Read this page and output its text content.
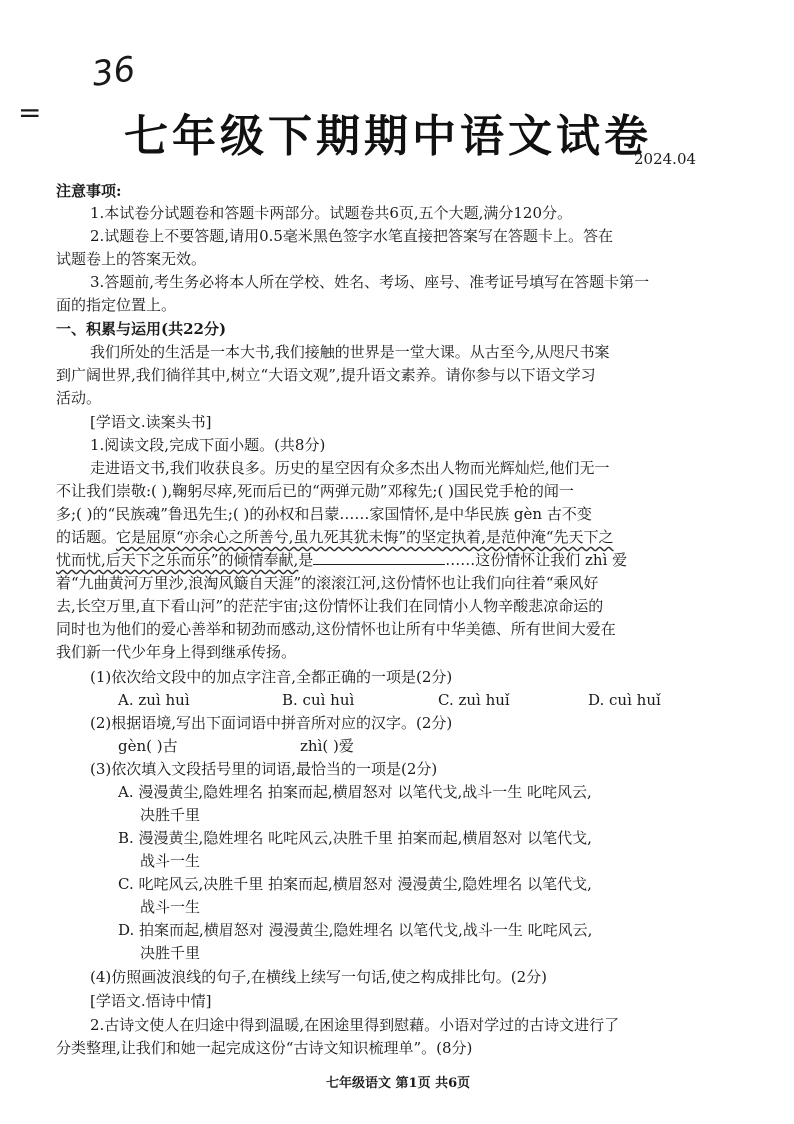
36
= 七年级下期期中语文试卷
2024.04
注意事项:
1.本试卷分试题卷和答题卡两部分。试题卷共6页,五个大题,满分120分。
2.试题卷上不要答题,请用0.5毫米黑色签字水笔直接把答案写在答题卡上。答在
试题卷上的答案无效。
3.答题前,考生务必将本人所在学校、姓名、考场、座号、准考证号填写在答题卡第一
面的指定位置上。
一、积累与运用(共22分)
我们所处的生活是一本大书,我们接触的世界是一堂大课。从古至今,从咫尺书案
到广阔世界,我们徜徉其中,树立“大语文观”,提升语文素养。请你参与以下语文学习
活动。
[学语文.读案头书]
1.阅读文段,完成下面小题。(共8分)
走进语文书,我们收获良多。历史的星空因有众多杰出人物而光辉灿烂,他们无一
不让我们崇敬:( ),鞠躬尽瘁,死而后已的“两弹元勋”邓稼先;( )国民党手枪的闻一
多;( )的“民族魂”鲁迅先生;( )的孙权和吕蒙……家国情怀,是中华民族 gèn 古不变
的话题。它是屈原“亦余心之所善兮,虽九死其犹未悔”的坚定执着,是范仲淹“先天下之
忧而忧,后天下之乐而乐”的倾情奉献,是	……这份情怀让我们 zhì 爱
着“九曲黄河万里沙,浪淘风簸自天涯”的滚滚江河,这份情怀也让我们向往着“乘风好
去,长空万里,直下看山河”的茫茫宇宙;这份情怀让我们在同情小人物辛酸悲凉命运的
同时也为他们的爱心善举和韧劲而感动,这份情怀也让所有中华美德、所有世间大爱在
我们新一代少年身上得到继承传扬。
(1)依次给文段中的加点字注音,全都正确的一项是(2分)
A. zuì huì	B. cuì huì	C. zuì huǐ	D. cuì huǐ
(2)根据语境,写出下面词语中拼音所对应的汉字。(2分)
gèn( )古	zhì( )爱
(3)依次填入文段括号里的词语,最恰当的一项是(2分)
A. 漫漫黄尘,隐姓埋名 拍案而起,横眉怒对 以笔代戈,战斗一生 叱咤风云,
决胜千里
B. 漫漫黄尘,隐姓埋名 叱咤风云,决胜千里 拍案而起,横眉怒对 以笔代戈,
战斗一生
C. 叱咤风云,决胜千里 拍案而起,横眉怒对 漫漫黄尘,隐姓埋名 以笔代戈,
战斗一生
D. 拍案而起,横眉怒对 漫漫黄尘,隐姓埋名 以笔代戈,战斗一生 叱咤风云,
决胜千里
(4)仿照画波浪线的句子,在横线上续写一句话,使之构成排比句。(2分)
[学语文.悟诗中情]
2.古诗文使人在归途中得到温暖,在困途里得到慰藉。小语对学过的古诗文进行了
分类整理,让我们和她一起完成这份“古诗文知识梳理单”。(8分)
七年级语文 第1页 共6页
